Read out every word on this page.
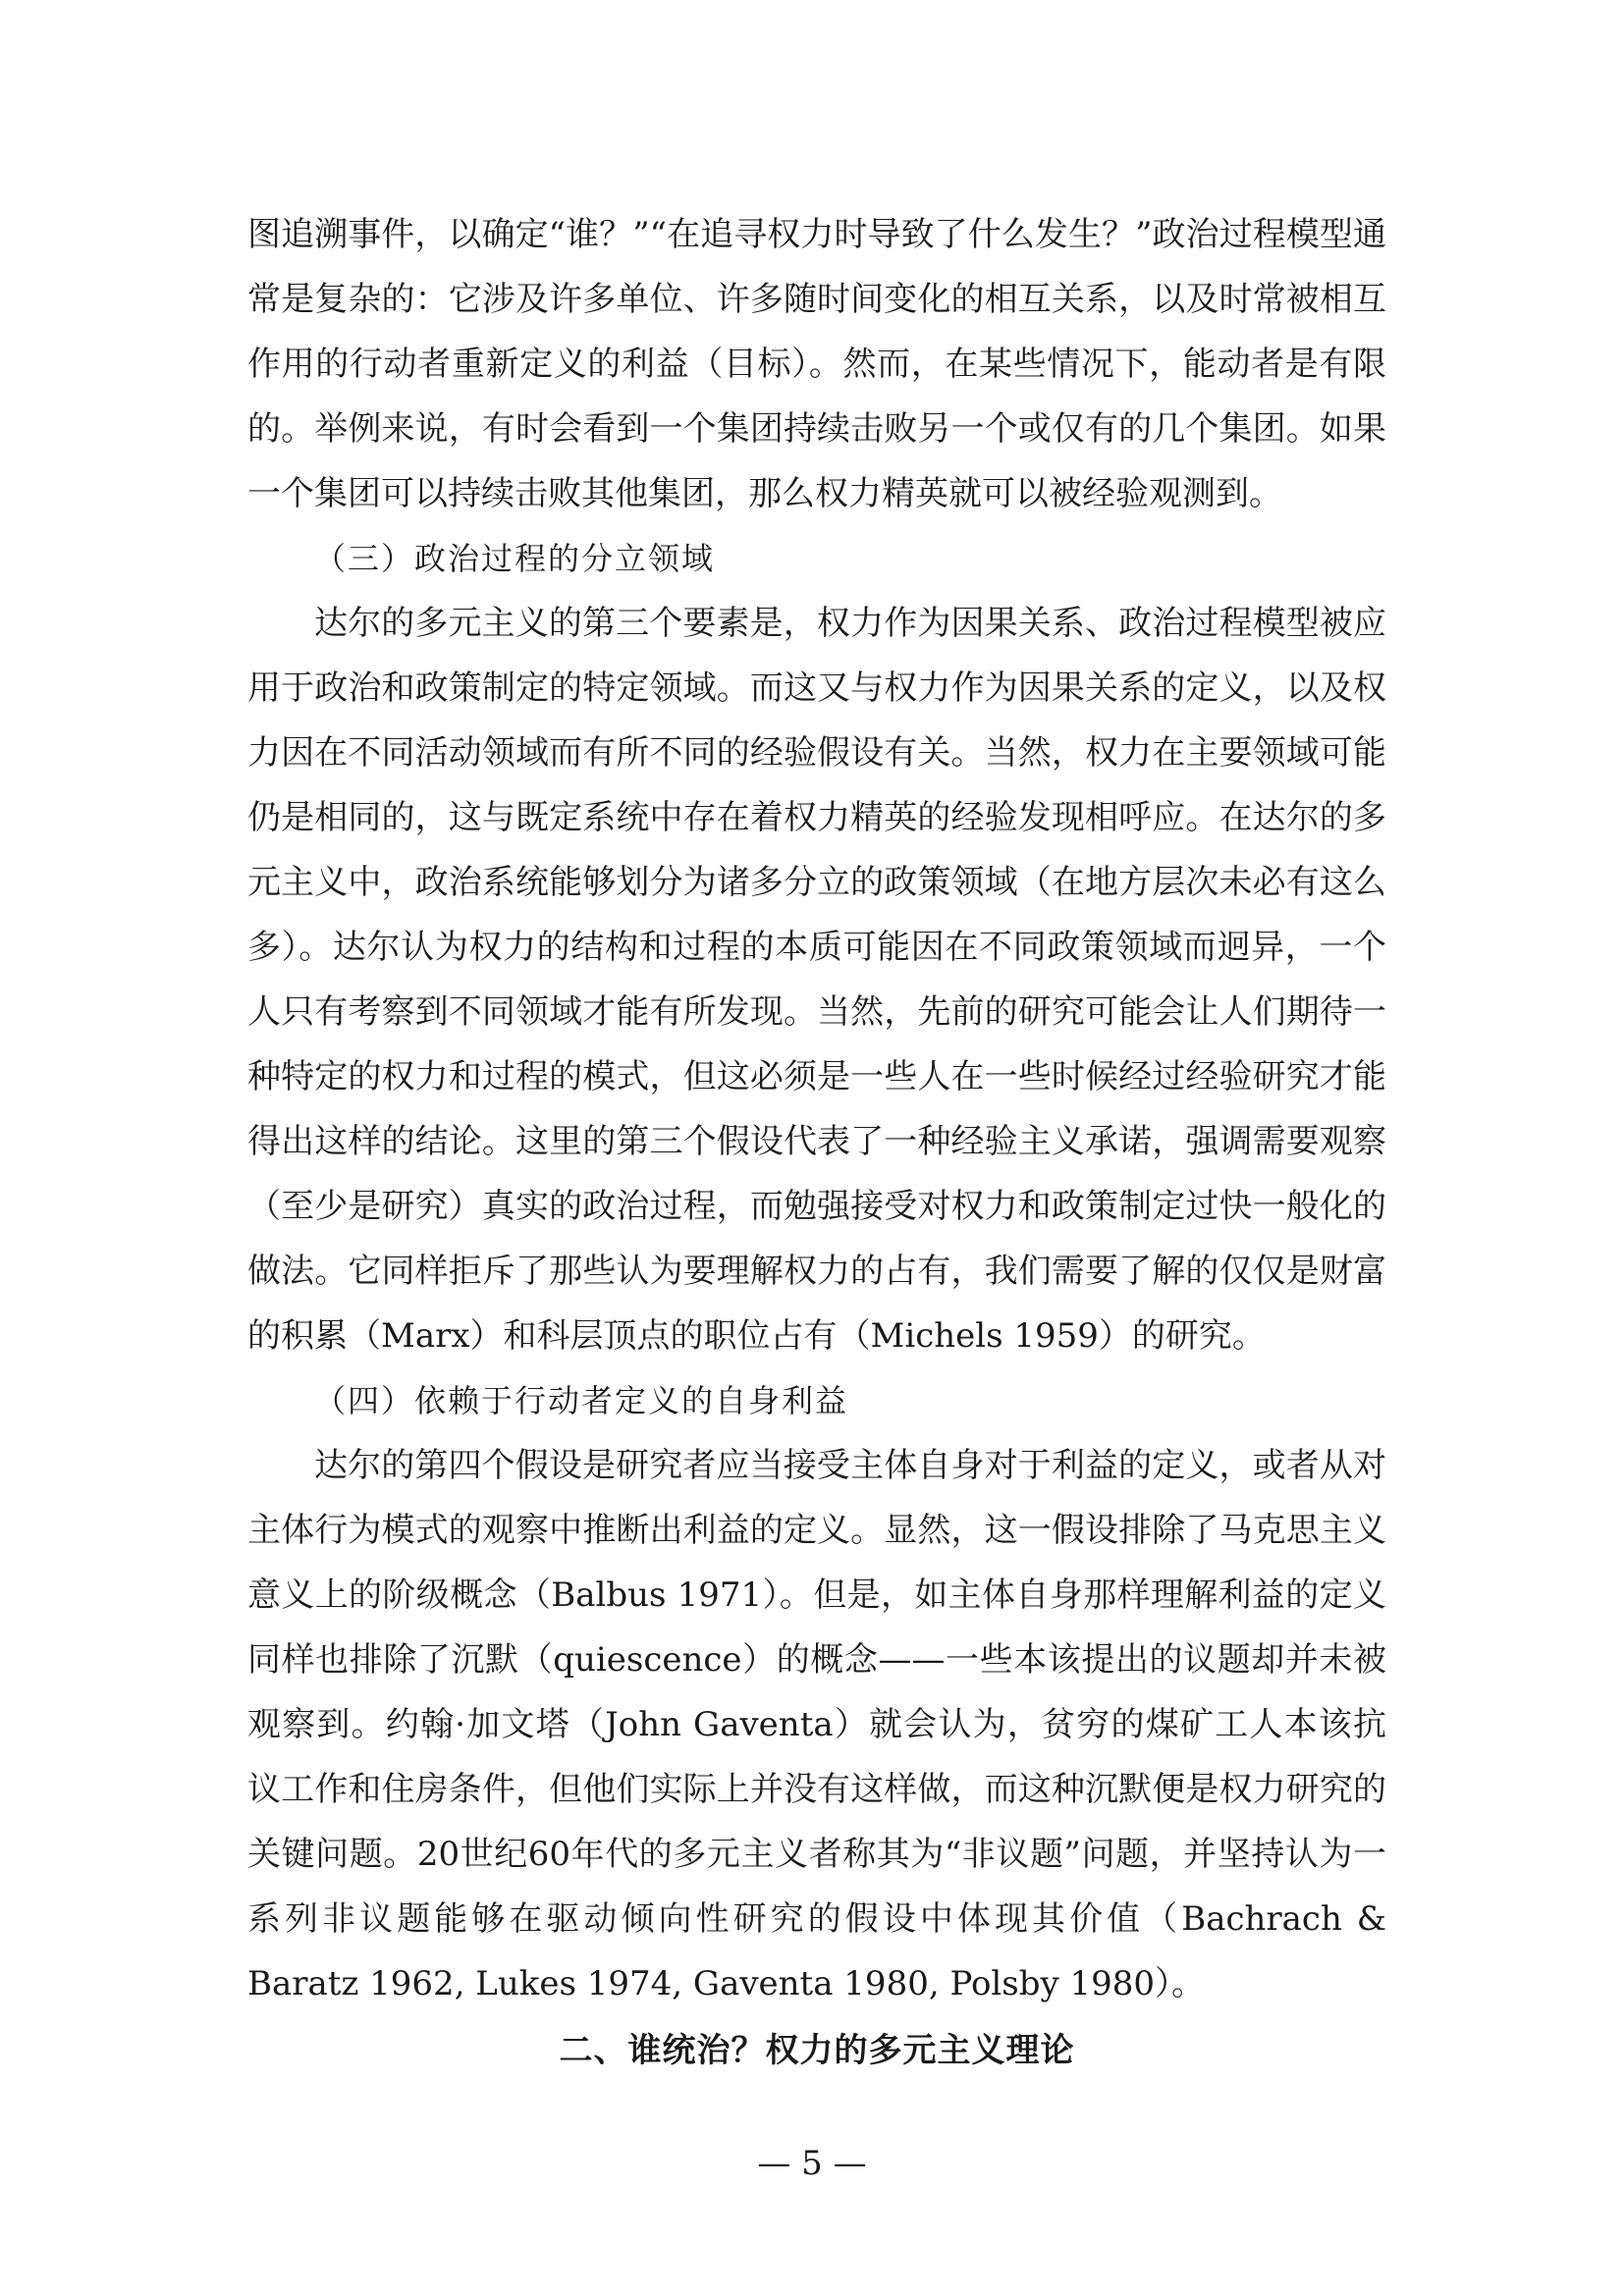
图追溯事件，以确定“谁？”“在追寻权力时导致了什么发生？”政治过程模型通常是复杂的：它涉及许多单位、许多随时间变化的相互关系，以及时常被相互作用的行动者重新定义的利益（目标）。然而，在某些情况下，能动者是有限的。举例来说，有时会看到一个集团持续击败另一个或仅有的几个集团。如果一个集团可以持续击败其他集团，那么权力精英就可以被经验观测到。

（三）政治过程的分立领域

达尔的多元主义的第三个要素是，权力作为因果关系、政治过程模型被应用于政治和政策制定的特定领域。而这又与权力作为因果关系的定义，以及权力因在不同活动领域而有所不同的经验假设有关。当然，权力在主要领域可能仍是相同的，这与既定系统中存在着权力精英的经验发现相呼应。在达尔的多元主义中，政治系统能够划分为诸多分立的政策领域（在地方层次未必有这么多）。达尔认为权力的结构和过程的本质可能因在不同政策领域而迥异，一个人只有考察到不同领域才能有所发现。当然，先前的研究可能会让人们期待一种特定的权力和过程的模式，但这必须是一些人在一些时候经过经验研究才能得出这样的结论。这里的第三个假设代表了一种经验主义承诺，强调需要观察（至少是研究）真实的政治过程，而勉强接受对权力和政策制定过快一般化的做法。它同样拒斥了那些认为要理解权力的占有，我们需要了解的仅仅是财富的积累（Marx）和科层顶点的职位占有（Michels 1959）的研究。

（四）依赖于行动者定义的自身利益

达尔的第四个假设是研究者应当接受主体自身对于利益的定义，或者从对主体行为模式的观察中推断出利益的定义。显然，这一假设排除了马克思主义意义上的阶级概念（Balbus 1971）。但是，如主体自身那样理解利益的定义同样也排除了沉默（quiescence）的概念——一些本该提出的议题却并未被观察到。约翰·加文塔（John Gaventa）就会认为，贫穷的煤矿工人本该抗议工作和住房条件，但他们实际上并没有这样做，而这种沉默便是权力研究的关键问题。20世纪60年代的多元主义者称其为“非议题”问题，并坚持认为一系列非议题能够在驱动倾向性研究的假设中体现其价值（Bachrach & Baratz 1962, Lukes 1974, Gaventa 1980, Polsby 1980）。

二、谁统治？权力的多元主义理论

— 5 —
